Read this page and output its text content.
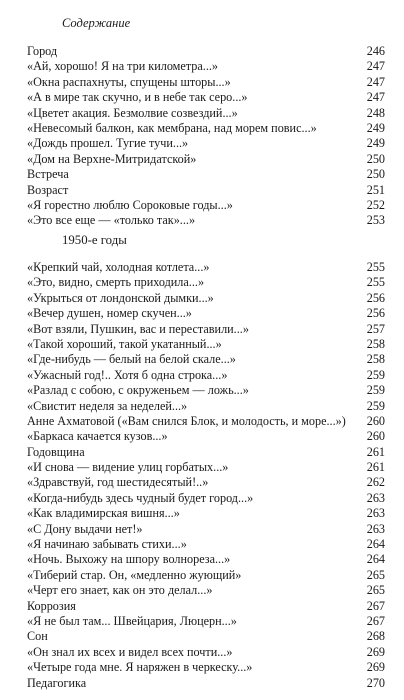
Содержание
Город	246
«Ай, хорошо! Я на три километра...»	247
«Окна распахнуты, спущены шторы...»	247
«А в мире так скучно, и в небе так серо...»	247
«Цветет акация. Безмолвие созвездий...»	248
«Невесомый балкон, как мембрана, над морем повис...»	249
«Дождь прошел. Тугие тучи...»	249
«Дом на Верхне-Митридатской»	250
Встреча	250
Возраст	251
«Я горестно люблю Сороковые годы...»	252
«Это все еще — «только так»...»	253
1950-е годы
«Крепкий чай, холодная котлета...»	255
«Это, видно, смерть приходила...»	255
«Укрыться от лондонской дымки...»	256
«Вечер душен, номер скучен...»	256
«Вот взяли, Пушкин, вас и переставили...»	257
«Такой хороший, такой укатанный...»	258
«Где-нибудь — белый на белой скале...»	258
«Ужасный год!.. Хотя б одна строка...»	259
«Разлад с собою, с окруженьем — ложь...»	259
«Свистит неделя за неделей...»	259
Анне Ахматовой («Вам снился Блок, и молодость, и море...»)	260
«Баркаса качается кузов...»	260
Годовщина	261
«И снова — видение улиц горбатых...»	261
«Здравствуй, год шестидесятый!..»	262
«Когда-нибудь здесь чудный будет город...»	263
«Как владимирская вишня...»	263
«С Дону выдачи нет!»	263
«Я начинаю забывать стихи...»	264
«Ночь. Выхожу на шпору волнореза...»	264
«Тиберий стар. Он, «медленно жующий»	265
«Черт его знает, как он это делал...»	265
Коррозия	267
«Я не был там... Швейцария, Люцерн...»	267
Сон	268
«Он знал их всех и видел всех почти...»	269
«Четыре года мне. Я наряжен в черкеску...»	269
Педагогика	270
